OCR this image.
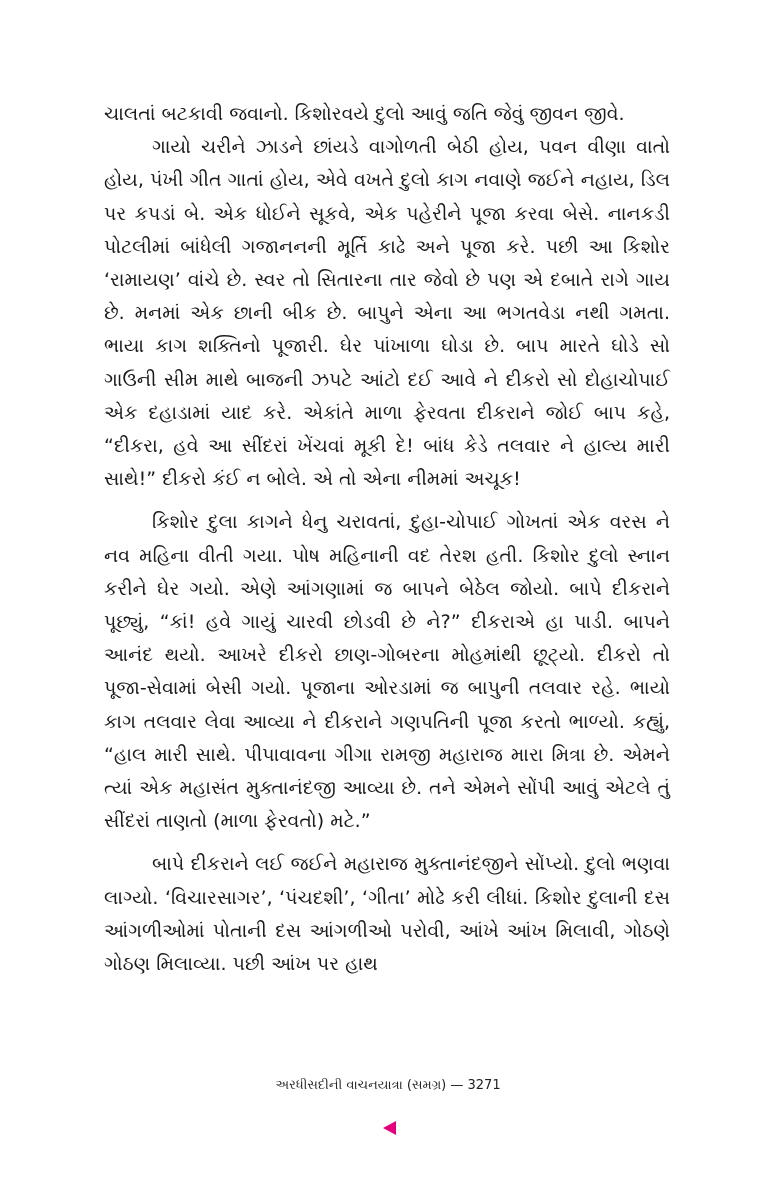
ચાલતાં બટકાવી જવાનો. કિશોરવયે દુલો આવું જતિ જેવું જીવન જીવે.

ગાયો ચરીને ઝાડને છાંયડે વાગોળતી બેઠી હોય, પવન વીણા વાતો હોય, પંખી ગીત ગાતાં હોય, એવે વખતે દુલો કાગ નવાણે જઈને નહાય, ડિલ પર કપડાં બે. એક ધોઈને સૂકવે, એક પહેરીને પૂજા કરવા બેસે. નાનકડી પોટલીમાં બાંધેલી ગજાનનની મૂર્તિ કાઢે અને પૂજા કરે. પછી આ કિશોર ‘રામાયણ’ વાંચે છે. સ્વર તો સિતારના તાર જેવો છે પણ એ દબાતે રાગે ગાય છે. મનમાં એક છાની બીક છે. બાપુને એના આ ભગતવેડા નથી ગમતા. ભાયા કાગ શક્તિનો પૂજારી. ઘેર પાંખાળા ઘોડા છે. બાપ મારતે ઘોડે સો ગાઉની સીમ માથે બાજની ઝપટે આંટો દઈ આવે ને દીકરો સો દોહાચોપાઈ એક દહાડામાં યાદ કરે. એકાંતે માળા ફેરવતા દીકરાને જોઈ બાપ કહે, “દીકરા, હવે આ સીંદરાં ખેંચવાં મૂકી દે! બાંધ કેડે તલવાર ને હાલ્ય મારી સાથે!” દીકરો કંઈ ન બોલે. એ તો એના નીમમાં અચૂક!

કિશોર દુલા કાગને ધેનુ ચરાવતાં, દુહા-ચોપાઈ ગોખતાં એક વરસ ને નવ મહિના વીતી ગયા. પોષ મહિનાની વદ તેરશ હતી. કિશોર દુલો સ્નાન કરીને ઘેર ગયો. એણે આંગણામાં જ બાપને બેઠેલ જોયો. બાપે દીકરાને પૂછ્યું, “કાં! હવે ગાયું ચારવી છોડવી છે ને?” દીકરાએ હા પાડી. બાપને આનંદ થયો. આખરે દીકરો છાણ-ગોબરના મોહમાંથી છૂટ્યો. દીકરો તો પૂજા-સેવામાં બેસી ગયો. પૂજાના ઓરડામાં જ બાપુની તલવાર રહે. ભાયો કાગ તલવાર લેવા આવ્યા ને દીકરાને ગણપતિની પૂજા કરતો ભાળ્યો. કહ્યું, “હાલ મારી સાથે. પીપાવાવના ગીગા રામજી મહારાજ મારા મિત્રા છે. એમને ત્યાં એક મહાસંત મુક્તાનંદજી આવ્યા છે. તને એમને સોંપી આવું એટલે તું સીંદરાં તાણતો (માળા ફેરવતો) મટે.”

બાપે દીકરાને લઈ જઈને મહારાજ મુક્તાનંદજીને સોંપ્યો. દુલો ભણવા લાગ્યો. ‘વિચારસાગર’, ‘પંચદશી’, ‘ગીતા’ મોઢે કરી લીધાં. કિશોર દુલાની દસ આંગળીઓમાં પોતાની દસ આંગળીઓ પરોવી, આંખે આંખ મિલાવી, ગોઠણે ગોઠણ મિલાવ્યા. પછી આંખ પર હાથ

અરધીસદીની વાચનયાત્રા (સમગ્ર) — 3271
